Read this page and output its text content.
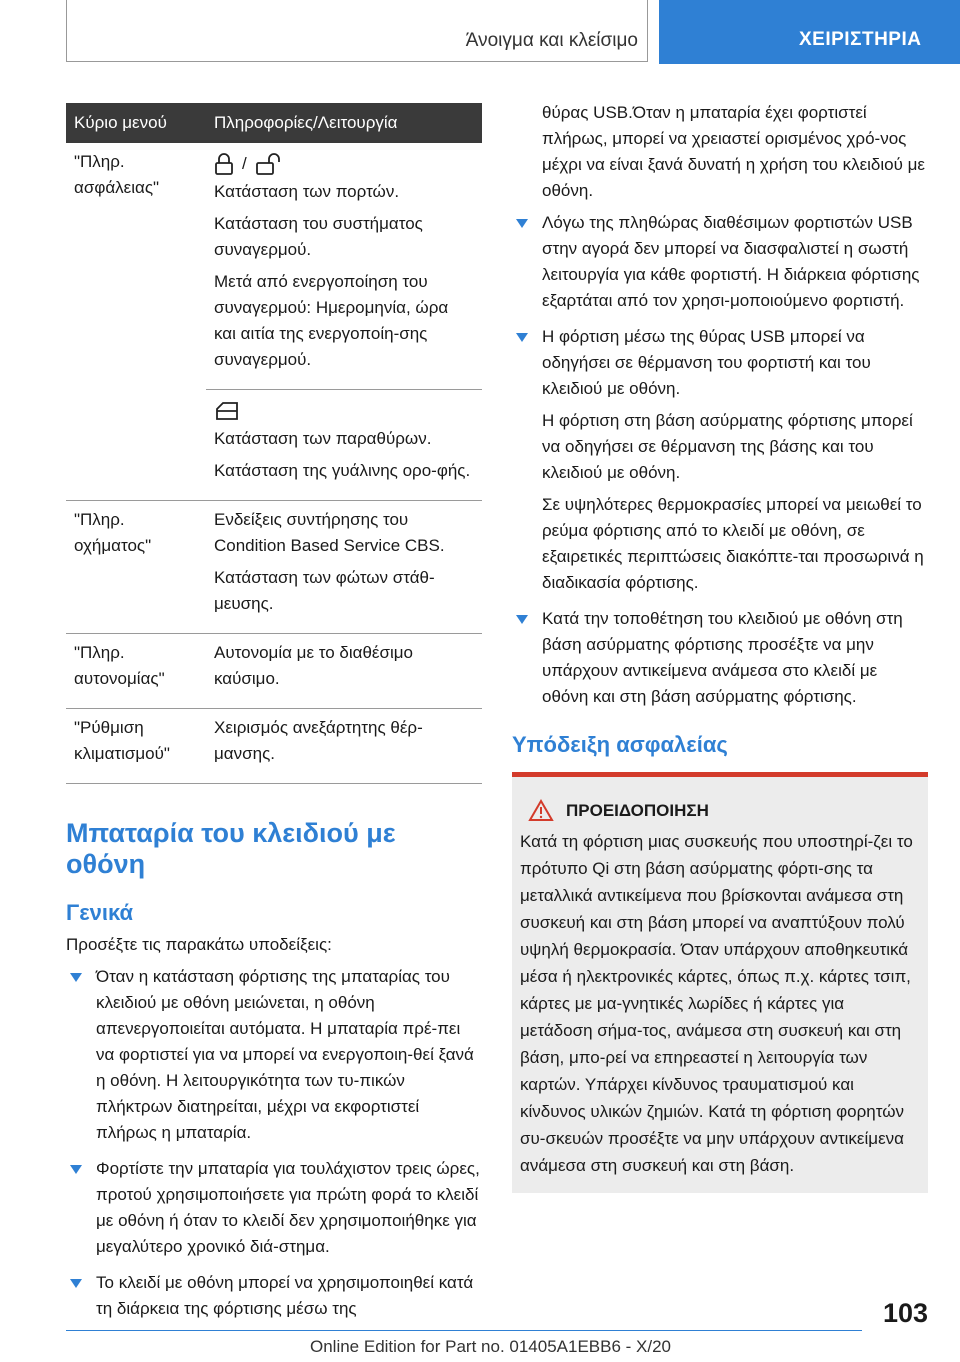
Άνοιγμα και κλείσιμο	ΧΕΙΡΙΣΤΗΡΙΑ
Κύριο μενού	Πληροφορίες/Λειτουργία
"Πληρ. ασφάλειας"	/

Κατάσταση των πορτών.

Κατάσταση του συστήματος συναγερμού.

Μετά από ενεργοποίηση του συναγερμού: Ημερομηνία, ώρα και αιτία της ενεργοποίη-σης συναγερμού.

	Κατάσταση των παραθύρων.

Κατάσταση της γυάλινης ορο-φής.

"Πληρ. οχήματος"	Ενδείξεις συντήρησης του Condition Based Service CBS.

Κατάσταση των φώτων στάθ-μευσης.

"Πληρ. αυτονομίας"	Αυτονομία με το διαθέσιμο καύσιμο.

"Ρύθμιση κλιματισμού"	Χειρισμός ανεξάρτητης θέρ-μανσης.

Μπαταρία του κλειδιού με οθόνη
Γενικά
Προσέξτε τις παρακάτω υποδείξεις:
Όταν η κατάσταση φόρτισης της μπαταρίας του κλειδιού με οθόνη μειώνεται, η οθόνη απενεργοποιείται αυτόματα. Η μπαταρία πρέ-πει να φορτιστεί για να μπορεί να ενεργοποιη-θεί ξανά η οθόνη. Η λειτουργικότητα των τυ-πικών πλήκτρων διατηρείται, μέχρι να εκφορτιστεί πλήρως η μπαταρία.
Φορτίστε την μπαταρία για τουλάχιστον τρεις ώρες, προτού χρησιμοποιήσετε για πρώτη φορά το κλειδί με οθόνη ή όταν το κλειδί δεν χρησιμοποιήθηκε για μεγαλύτερο χρονικό διά-στημα.
Το κλειδί με οθόνη μπορεί να χρησιμοποιηθεί κατά τη διάρκεια της φόρτισης μέσω της
θύρας USB.Όταν η μπαταρία έχει φορτιστεί πλήρως, μπορεί να χρειαστεί ορισμένος χρό-νος μέχρι να είναι ξανά δυνατή η χρήση του κλειδιού με οθόνη.

Λόγω της πληθώρας διαθέσιμων φορτιστών USB στην αγορά δεν μπορεί να διασφαλιστεί η σωστή λειτουργία για κάθε φορτιστή. Η διάρκεια φόρτισης εξαρτάται από τον χρησι-μοποιούμενο φορτιστή.

Η φόρτιση μέσω της θύρας USB μπορεί να οδηγήσει σε θέρμανση του φορτιστή και του κλειδιού με οθόνη.

Η φόρτιση στη βάση ασύρματης φόρτισης μπορεί να οδηγήσει σε θέρμανση της βάσης και του κλειδιού με οθόνη.

Σε υψηλότερες θερμοκρασίες μπορεί να μειωθεί το ρεύμα φόρτισης από το κλειδί με οθόνη, σε εξαιρετικές περιπτώσεις διακόπτε-ται προσωρινά η διαδικασία φόρτισης.

Κατά την τοποθέτηση του κλειδιού με οθόνη στη βάση ασύρματης φόρτισης προσέξτε να μην υπάρχουν αντικείμενα ανάμεσα στο κλειδί με οθόνη και στη βάση ασύρματης φόρτισης.

Υπόδειξη ασφαλείας
ΠΡΟΕΙΔΟΠΟΙΗΣΗ
Κατά τη φόρτιση μιας συσκευής που υποστηρί-ζει το πρότυπο Qi στη βάση ασύρματης φόρτι-σης τα μεταλλικά αντικείμενα που βρίσκονται ανάμεσα στη συσκευή και στη βάση μπορεί να αναπτύξουν πολύ υψηλή θερμοκρασία. Όταν υπάρχουν αποθηκευτικά μέσα ή ηλεκτρονικές κάρτες, όπως π.χ. κάρτες τσιπ, κάρτες με μα-γνητικές λωρίδες ή κάρτες για μετάδοση σήμα-τος, ανάμεσα στη συσκευή και στη βάση, μπο-ρεί να επηρεαστεί η λειτουργία των καρτών. Υπάρχει κίνδυνος τραυματισμού και κίνδυνος υλικών ζημιών. Κατά τη φόρτιση φορητών συ-σκευών προσέξτε να μην υπάρχουν αντικείμενα ανάμεσα στη συσκευή και στη βάση.
103
Online Edition for Part no. 01405A1EBB6 - X/20
